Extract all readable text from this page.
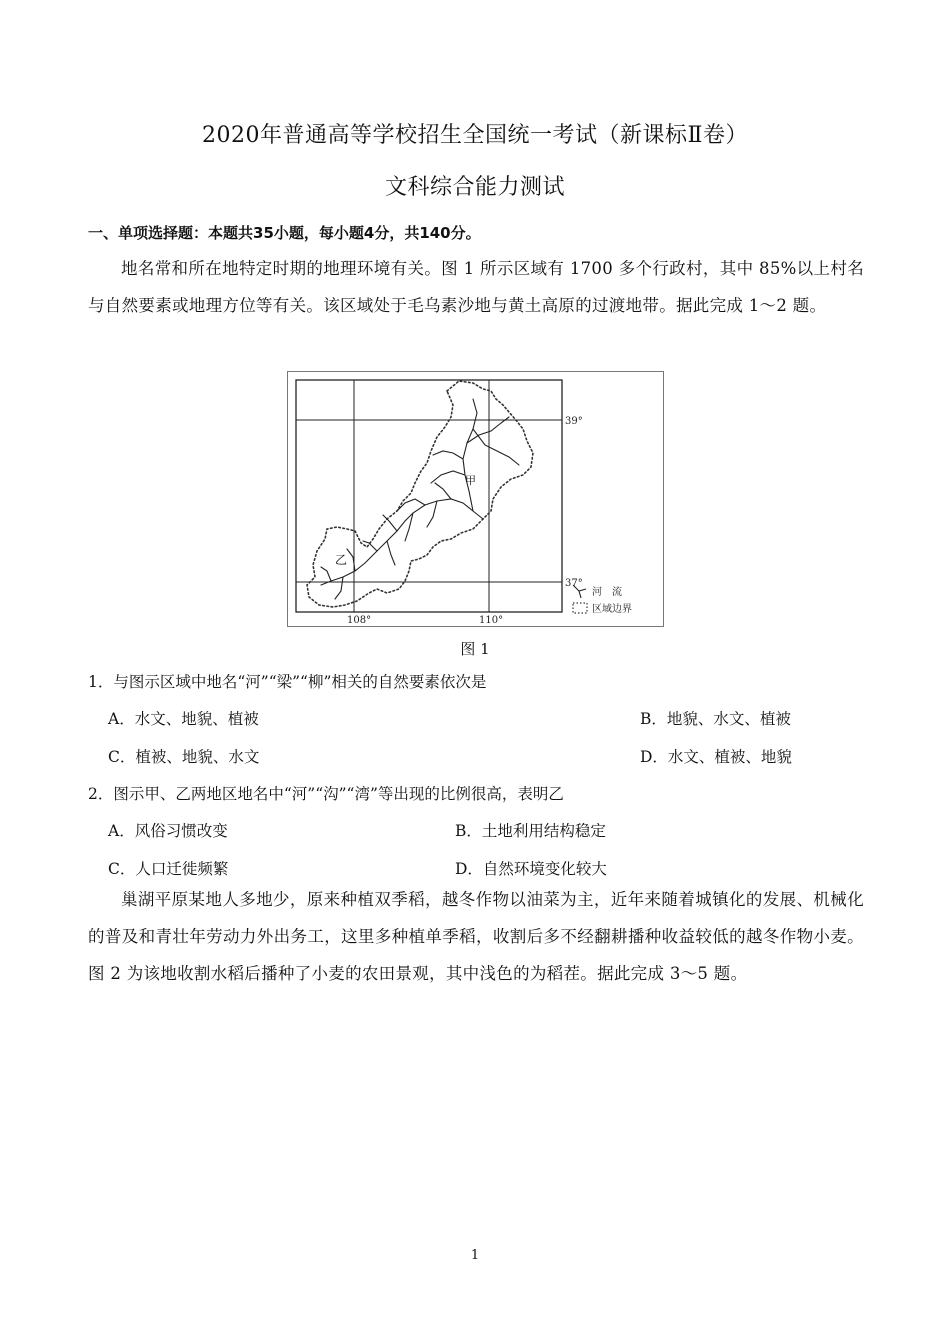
2020年普通高等学校招生全国统一考试（新课标Ⅱ卷）
文科综合能力测试
一、单项选择题：本题共35小题，每小题4分，共140分。
地名常和所在地特定时期的地理环境有关。图 1 所示区域有 1700 多个行政村，其中 85%以上村名与自然要素或地理方位等有关。该区域处于毛乌素沙地与黄土高原的过渡地带。据此完成 1～2 题。
39°
37°
108°	110°
甲
乙
河　流
区域边界
图 1
1．与图示区域中地名“河”“梁”“柳”相关的自然要素依次是
A．水文、地貌、植被	B．地貌、水文、植被
C．植被、地貌、水文	D．水文、植被、地貌
2．图示甲、乙两地区地名中“河”“沟”“湾”等出现的比例很高，表明乙
A．风俗习惯改变	B．土地利用结构稳定
C．人口迁徙频繁	D．自然环境变化较大
巢湖平原某地人多地少，原来种植双季稻，越冬作物以油菜为主，近年来随着城镇化的发展、机械化的普及和青壮年劳动力外出务工，这里多种植单季稻，收割后多不经翻耕播种收益较低的越冬作物小麦。图 2 为该地收割水稻后播种了小麦的农田景观，其中浅色的为稻茬。据此完成 3～5 题。
1
